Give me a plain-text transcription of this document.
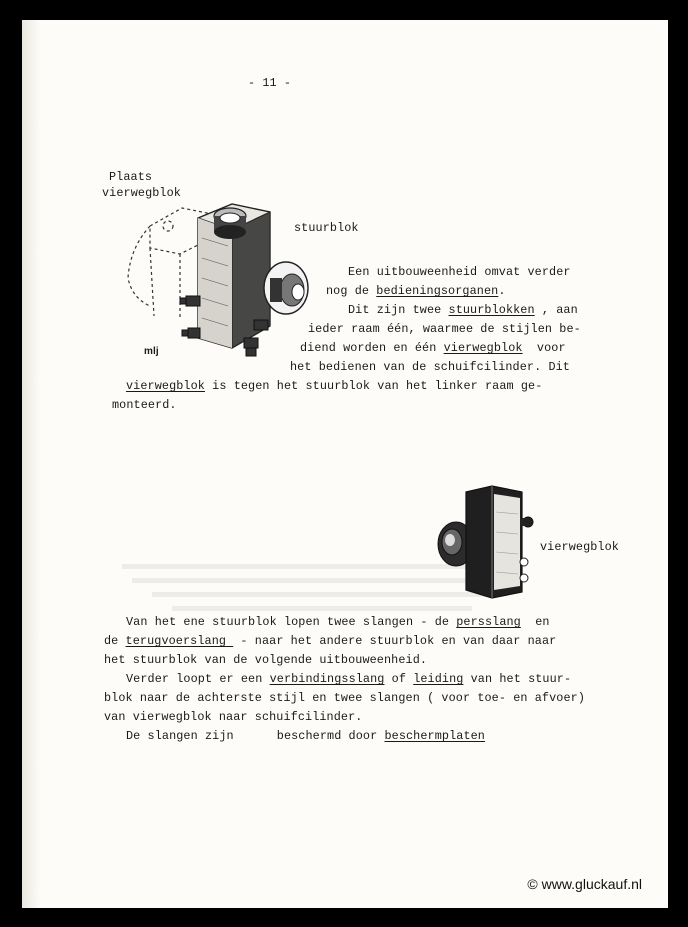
- 11 -
Plaats
vierwegblok
stuurblok
mlj
Een uitbouweenheid omvat verder
nog de bedieningsorganen.
Dit zijn twee stuurblokken , aan
ieder raam één, waarmee de stijlen be-
diend worden en één vierwegblok  voor
het bedienen van de schuifcilinder. Dit
vierwegblok is tegen het stuurblok van het linker raam ge-
monteerd.
vierwegblok
Van het ene stuurblok lopen twee slangen - de persslang  en
de terugvoerslang  - naar het andere stuurblok en van daar naar
het stuurblok van de volgende uitbouweenheid.
Verder loopt er een verbindingsslang of leiding van het stuur-
blok naar de achterste stijl en twee slangen ( voor toe- en afvoer)
van vierwegblok naar schuifcilinder.
De slangen zijn      beschermd door beschermplaten
© www.gluckauf.nl
